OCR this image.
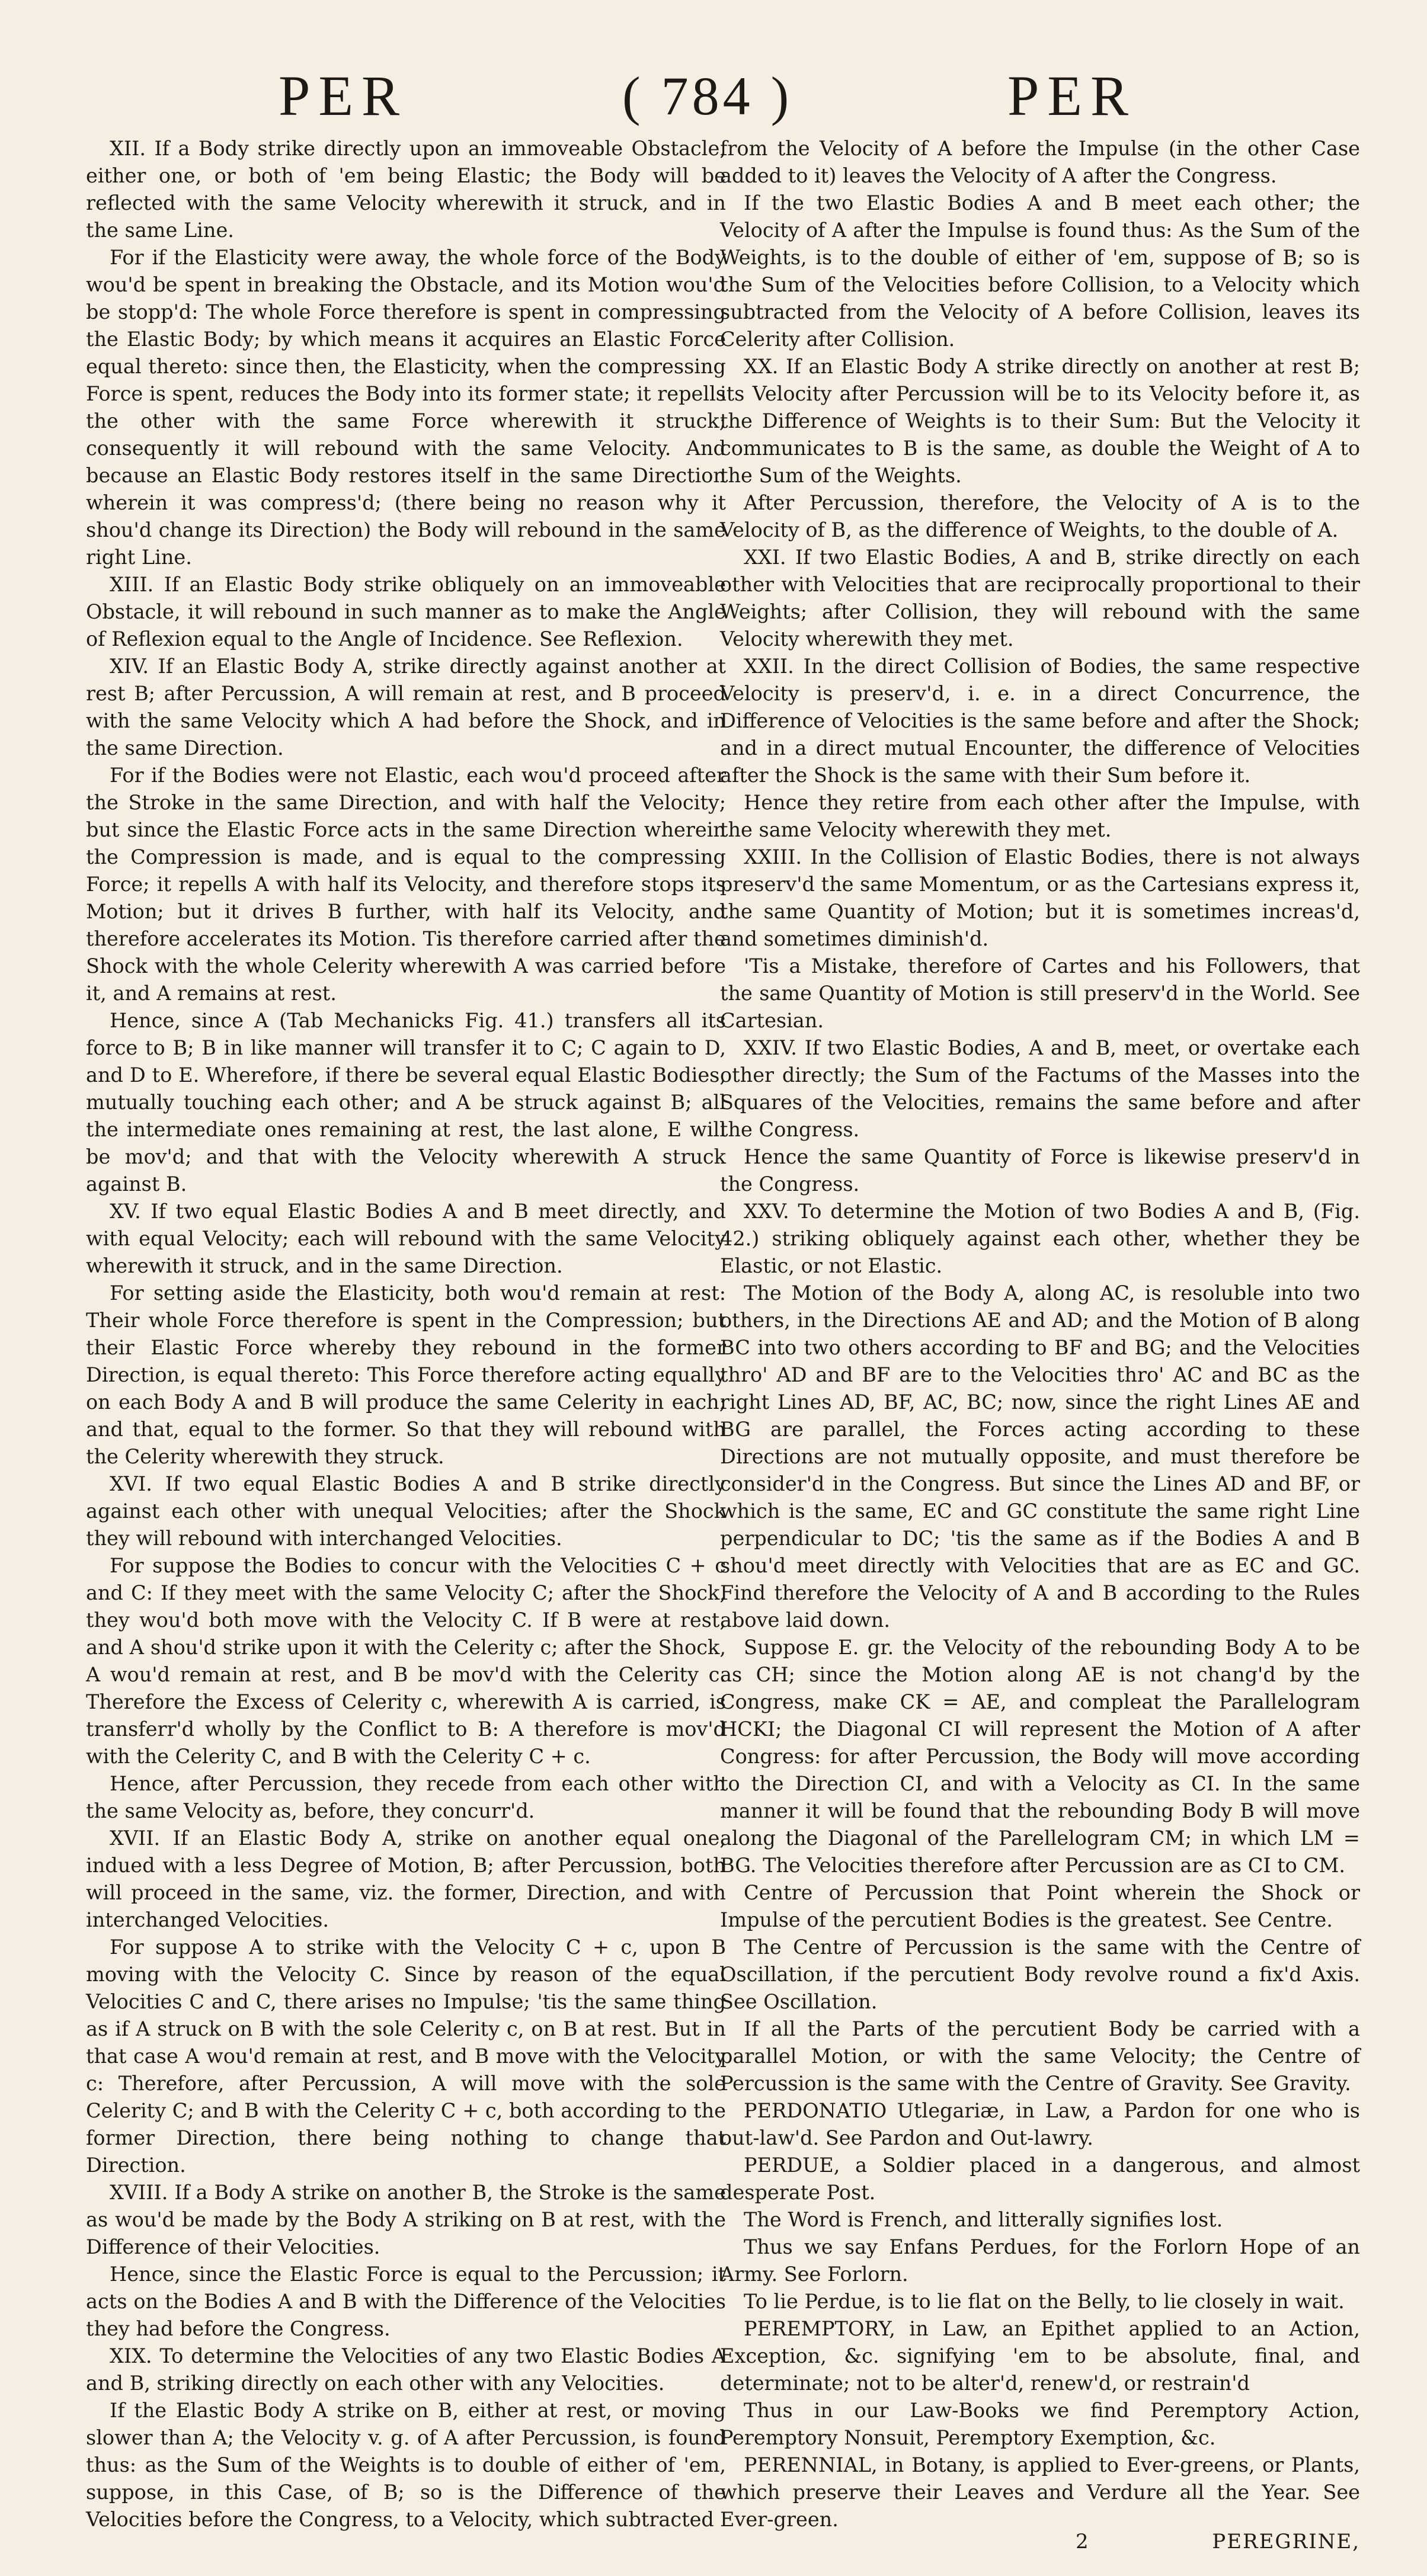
PER	( 784 )	PER

XII. If a Body strike directly upon an immoveable Obstacle, either one, or both of 'em being Elastic; the Body will be reflected with the same Velocity wherewith it struck, and in the same Line.

For if the Elasticity were away, the whole force of the Body wou'd be spent in breaking the Obstacle, and its Motion wou'd be stopp'd: The whole Force therefore is spent in compressing the Elastic Body; by which means it acquires an Elastic Force equal thereto: since then, the Elasticity, when the compressing Force is spent, reduces the Body into its former state; it repells the other with the same Force wherewith it struck; consequently it will rebound with the same Velocity. And because an Elastic Body restores itself in the same Direction wherein it was compress'd; (there being no reason why it shou'd change its Direction) the Body will rebound in the same right Line.

XIII. If an Elastic Body strike obliquely on an immoveable Obstacle, it will rebound in such manner as to make the Angle of Reflexion equal to the Angle of Incidence. See Reflexion.

XIV. If an Elastic Body A, strike directly against another at rest B; after Percussion, A will remain at rest, and B proceed with the same Velocity which A had before the Shock, and in the same Direction.

For if the Bodies were not Elastic, each wou'd proceed after the Stroke in the same Direction, and with half the Velocity; but since the Elastic Force acts in the same Direction wherein the Compression is made, and is equal to the compressing Force; it repells A with half its Velocity, and therefore stops its Motion; but it drives B further, with half its Velocity, and therefore accelerates its Motion. Tis therefore carried after the Shock with the whole Celerity wherewith A was carried before it, and A remains at rest.

Hence, since A (Tab Mechanicks Fig. 41.) transfers all its force to B; B in like manner will transfer it to C; C again to D, and D to E. Wherefore, if there be several equal Elastic Bodies, mutually touching each other; and A be struck against B; all the intermediate ones remaining at rest, the last alone, E will be mov'd; and that with the Velocity wherewith A struck against B.

XV. If two equal Elastic Bodies A and B meet directly, and with equal Velocity; each will rebound with the same Velocity wherewith it struck, and in the same Direction.

For setting aside the Elasticity, both wou'd remain at rest: Their whole Force therefore is spent in the Compression; but their Elastic Force whereby they rebound in the former Direction, is equal thereto: This Force therefore acting equally on each Body A and B will produce the same Celerity in each; and that, equal to the former. So that they will rebound with the Celerity wherewith they struck.

XVI. If two equal Elastic Bodies A and B strike directly against each other with unequal Velocities; after the Shock they will rebound with interchanged Velocities.

For suppose the Bodies to concur with the Velocities C + c and C: If they meet with the same Velocity C; after the Shock, they wou'd both move with the Velocity C. If B were at rest, and A shou'd strike upon it with the Celerity c; after the Shock, A wou'd remain at rest, and B be mov'd with the Celerity c. Therefore the Excess of Celerity c, wherewith A is carried, is transferr'd wholly by the Conflict to B: A therefore is mov'd with the Celerity C, and B with the Celerity C + c.

Hence, after Percussion, they recede from each other with the same Velocity as, before, they concurr'd.

XVII. If an Elastic Body A, strike on another equal one, indued with a less Degree of Motion, B; after Percussion, both will proceed in the same, viz. the former, Direction, and with interchanged Velocities.

For suppose A to strike with the Velocity C + c, upon B moving with the Velocity C. Since by reason of the equal Velocities C and C, there arises no Impulse; 'tis the same thing as if A struck on B with the sole Celerity c, on B at rest. But in that case A wou'd remain at rest, and B move with the Velocity c: Therefore, after Percussion, A will move with the sole Celerity C; and B with the Celerity C + c, both according to the former Direction, there being nothing to change that Direction.

XVIII. If a Body A strike on another B, the Stroke is the same as wou'd be made by the Body A striking on B at rest, with the Difference of their Velocities.

Hence, since the Elastic Force is equal to the Percussion; it acts on the Bodies A and B with the Difference of the Velocities they had before the Congress.

XIX. To determine the Velocities of any two Elastic Bodies A and B, striking directly on each other with any Velocities.

If the Elastic Body A strike on B, either at rest, or moving slower than A; the Velocity v. g. of A after Percussion, is found thus: as the Sum of the Weights is to double of either of 'em, suppose, in this Case, of B; so is the Difference of the Velocities before the Congress, to a Velocity, which subtracted

from the Velocity of A before the Impulse (in the other Case added to it) leaves the Velocity of A after the Congress.

If the two Elastic Bodies A and B meet each other; the Velocity of A after the Impulse is found thus: As the Sum of the Weights, is to the double of either of 'em, suppose of B; so is the Sum of the Velocities before Collision, to a Velocity which subtracted from the Velocity of A before Collision, leaves its Celerity after Collision.

XX. If an Elastic Body A strike directly on another at rest B; its Velocity after Percussion will be to its Velocity before it, as the Difference of Weights is to their Sum: But the Velocity it communicates to B is the same, as double the Weight of A to the Sum of the Weights.

After Percussion, therefore, the Velocity of A is to the Velocity of B, as the difference of Weights, to the double of A.

XXI. If two Elastic Bodies, A and B, strike directly on each other with Velocities that are reciprocally proportional to their Weights; after Collision, they will rebound with the same Velocity wherewith they met.

XXII. In the direct Collision of Bodies, the same respective Velocity is preserv'd, i. e. in a direct Concurrence, the Difference of Velocities is the same before and after the Shock; and in a direct mutual Encounter, the difference of Velocities after the Shock is the same with their Sum before it.

Hence they retire from each other after the Impulse, with the same Velocity wherewith they met.

XXIII. In the Collision of Elastic Bodies, there is not always preserv'd the same Momentum, or as the Cartesians express it, the same Quantity of Motion; but it is sometimes increas'd, and sometimes diminish'd.

'Tis a Mistake, therefore of Cartes and his Followers, that the same Quantity of Motion is still preserv'd in the World. See Cartesian.

XXIV. If two Elastic Bodies, A and B, meet, or overtake each other directly; the Sum of the Factums of the Masses into the Squares of the Velocities, remains the same before and after the Congress.

Hence the same Quantity of Force is likewise preserv'd in the Congress.

XXV. To determine the Motion of two Bodies A and B, (Fig. 42.) striking obliquely against each other, whether they be Elastic, or not Elastic.

The Motion of the Body A, along AC, is resoluble into two others, in the Directions AE and AD; and the Motion of B along BC into two others according to BF and BG; and the Velocities thro' AD and BF are to the Velocities thro' AC and BC as the right Lines AD, BF, AC, BC; now, since the right Lines AE and BG are parallel, the Forces acting according to these Directions are not mutually opposite, and must therefore be consider'd in the Congress. But since the Lines AD and BF, or which is the same, EC and GC constitute the same right Line perpendicular to DC; 'tis the same as if the Bodies A and B shou'd meet directly with Velocities that are as EC and GC. Find therefore the Velocity of A and B according to the Rules above laid down.

Suppose E. gr. the Velocity of the rebounding Body A to be as CH; since the Motion along AE is not chang'd by the Congress, make CK = AE, and compleat the Parallelogram HCKI; the Diagonal CI will represent the Motion of A after Congress: for after Percussion, the Body will move according to the Direction CI, and with a Velocity as CI. In the same manner it will be found that the rebounding Body B will move along the Diagonal of the Parellelogram CM; in which LM = BG. The Velocities therefore after Percussion are as CI to CM.

Centre of Percussion that Point wherein the Shock or Impulse of the percutient Bodies is the greatest. See Centre.

The Centre of Percussion is the same with the Centre of Oscillation, if the percutient Body revolve round a fix'd Axis. See Oscillation.

If all the Parts of the percutient Body be carried with a parallel Motion, or with the same Velocity; the Centre of Percussion is the same with the Centre of Gravity. See Gravity.

PERDONATIO Utlegariæ, in Law, a Pardon for one who is out-law'd. See Pardon and Out-lawry.

PERDUE, a Soldier placed in a dangerous, and almost desperate Post.

The Word is French, and litterally signifies lost.

Thus we say Enfans Perdues, for the Forlorn Hope of an Army. See Forlorn.

To lie Perdue, is to lie flat on the Belly, to lie closely in wait.

PEREMPTORY, in Law, an Epithet applied to an Action, Exception, &c. signifying 'em to be absolute, final, and determinate; not to be alter'd, renew'd, or restrain'd

Thus in our Law-Books we find Peremptory Action, Peremptory Nonsuit, Peremptory Exemption, &c.

PERENNIAL, in Botany, is applied to Ever-greens, or Plants, which preserve their Leaves and Verdure all the Year. See Ever-green.

2	PEREGRINE,
